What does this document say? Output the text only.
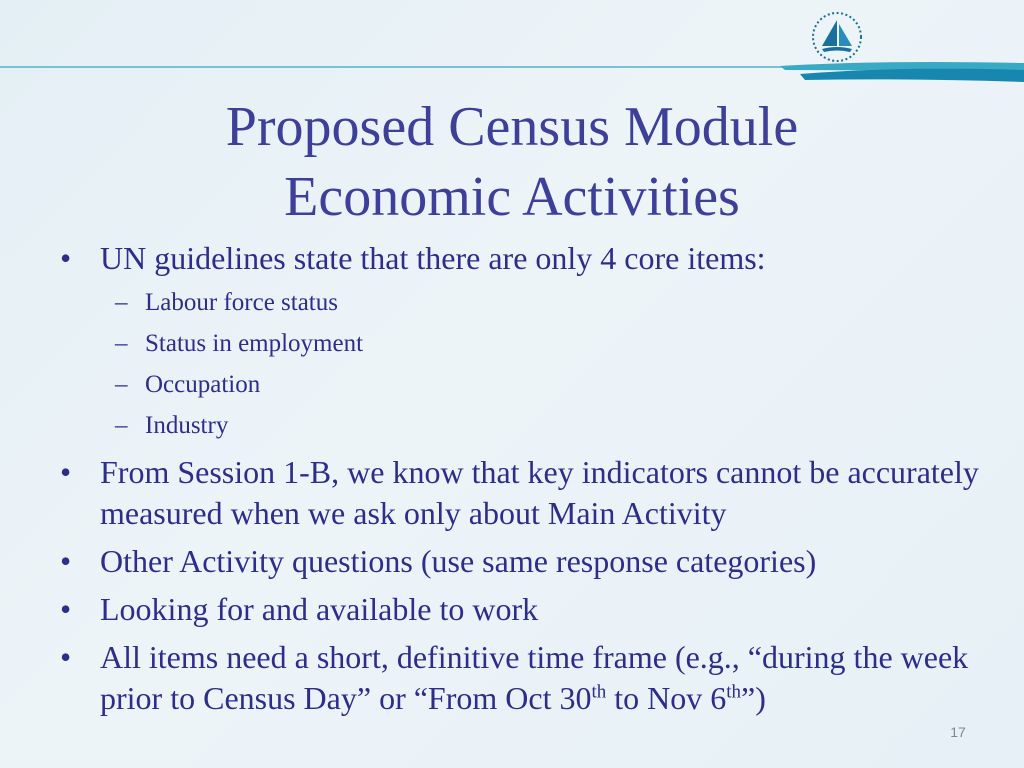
Proposed Census Module
Economic Activities
• UN guidelines state that there are only 4 core items:
– Labour force status
– Status in employment
– Occupation
– Industry
• From Session 1-B, we know that key indicators cannot be accurately measured when we ask only about Main Activity
• Other Activity questions (use same response categories)
• Looking for and available to work
• All items need a short, definitive time frame (e.g., “during the week prior to Census Day” or “From Oct 30th to Nov 6th”)
17
